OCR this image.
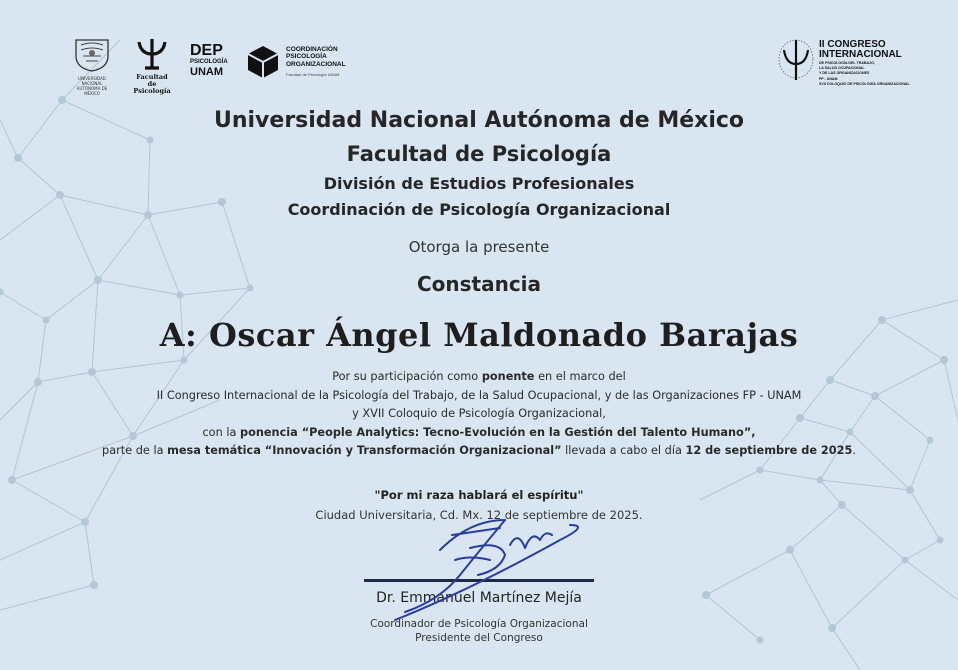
UNIVERSIDAD NACIONAL AUTÓNOMA DE MÉXICO
Facultad
de Psicología
DEP
PSICOLOGÍA
UNAM
COORDINACIÓN
PSICOLOGÍA
ORGANIZACIONAL
Facultad de Psicología UNAM
II CONGRESO
INTERNACIONAL
DE PSICOLOGÍA DEL TRABAJO,
LA SALUD OCUPACIONAL
Y DE LAS ORGANIZACIONES
FP - UNAM
XVII COLOQUIO DE PSICOLOGÍA ORGANIZACIONAL
Universidad Nacional Autónoma de México
Facultad de Psicología
División de Estudios Profesionales
Coordinación de Psicología Organizacional
Otorga la presente
Constancia
A: Oscar Ángel Maldonado Barajas
Por su participación como ponente en el marco del
II Congreso Internacional de la Psicología del Trabajo, de la Salud Ocupacional, y de las Organizaciones FP - UNAM
y XVII Coloquio de Psicología Organizacional,
con la ponencia “People Analytics: Tecno-Evolución en la Gestión del Talento Humano”,
parte de la mesa temática “Innovación y Transformación Organizacional” llevada a cabo el día 12 de septiembre de 2025.
"Por mi raza hablará el espíritu"
Ciudad Universitaria, Cd. Mx. 12 de septiembre de 2025.
Dr. Emmanuel Martínez Mejía
Coordinador de Psicología Organizacional
Presidente del Congreso
